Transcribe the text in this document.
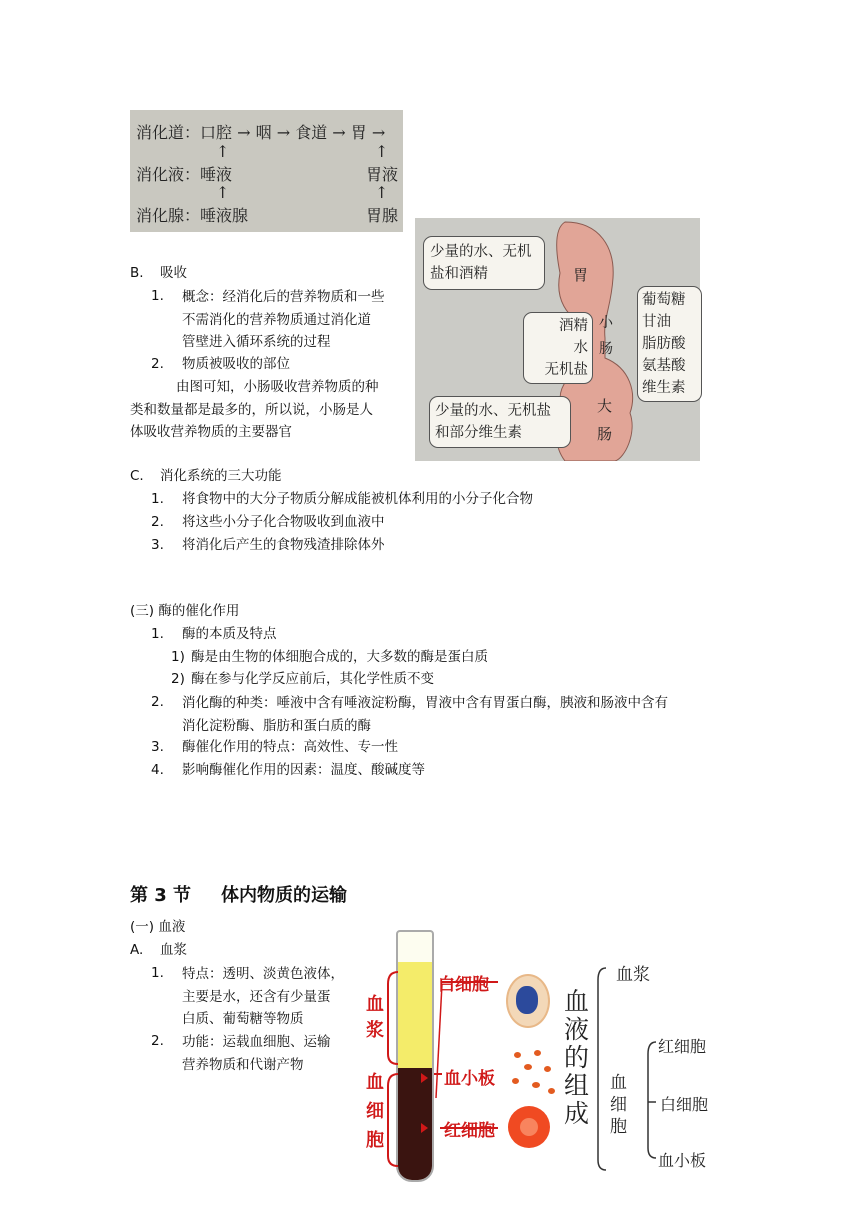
消化道：口腔 → 咽 → 食道 → 胃 →
↑	↑
消化液：唾液	胃液
↑	↑
消化腺：唾液腺	胃腺
胃
小
肠
大
肠
少量的水、无机盐和酒精
酒精
水
无机盐
葡萄糖
甘油
脂肪酸
氨基酸
维生素
少量的水、无机盐和部分维生素
B. 吸收
1. 概念：经消化后的营养物质和一些
不需消化的营养物质通过消化道
管壁进入循环系统的过程
2. 物质被吸收的部位
由图可知，小肠吸收营养物质的种
类和数量都是最多的，所以说，小肠是人
体吸收营养物质的主要器官
C. 消化系统的三大功能
1. 将食物中的大分子物质分解成能被机体利用的小分子化合物
2. 将这些小分子化合物吸收到血液中
3. 将消化后产生的食物残渣排除体外
(三) 酶的催化作用
1. 酶的本质及特点
1) 酶是由生物的体细胞合成的，大多数的酶是蛋白质
2) 酶在参与化学反应前后，其化学性质不变
2. 消化酶的种类：唾液中含有唾液淀粉酶，胃液中含有胃蛋白酶，胰液和肠液中含有
消化淀粉酶、脂肪和蛋白质的酶
3. 酶催化作用的特点：高效性、专一性
4. 影响酶催化作用的因素：温度、酸碱度等
第 3 节 体内物质的运输
(一) 血液
A. 血浆
1. 特点：透明、淡黄色液体，
主要是水，还含有少量蛋
白质、葡萄糖等物质
2. 功能：运载血细胞、运输
营养物质和代谢产物
血
浆
血
细
胞
白细胞
血小板
红细胞
血
液
的
组
成
血浆
血
细
胞
红细胞
白细胞
血小板
